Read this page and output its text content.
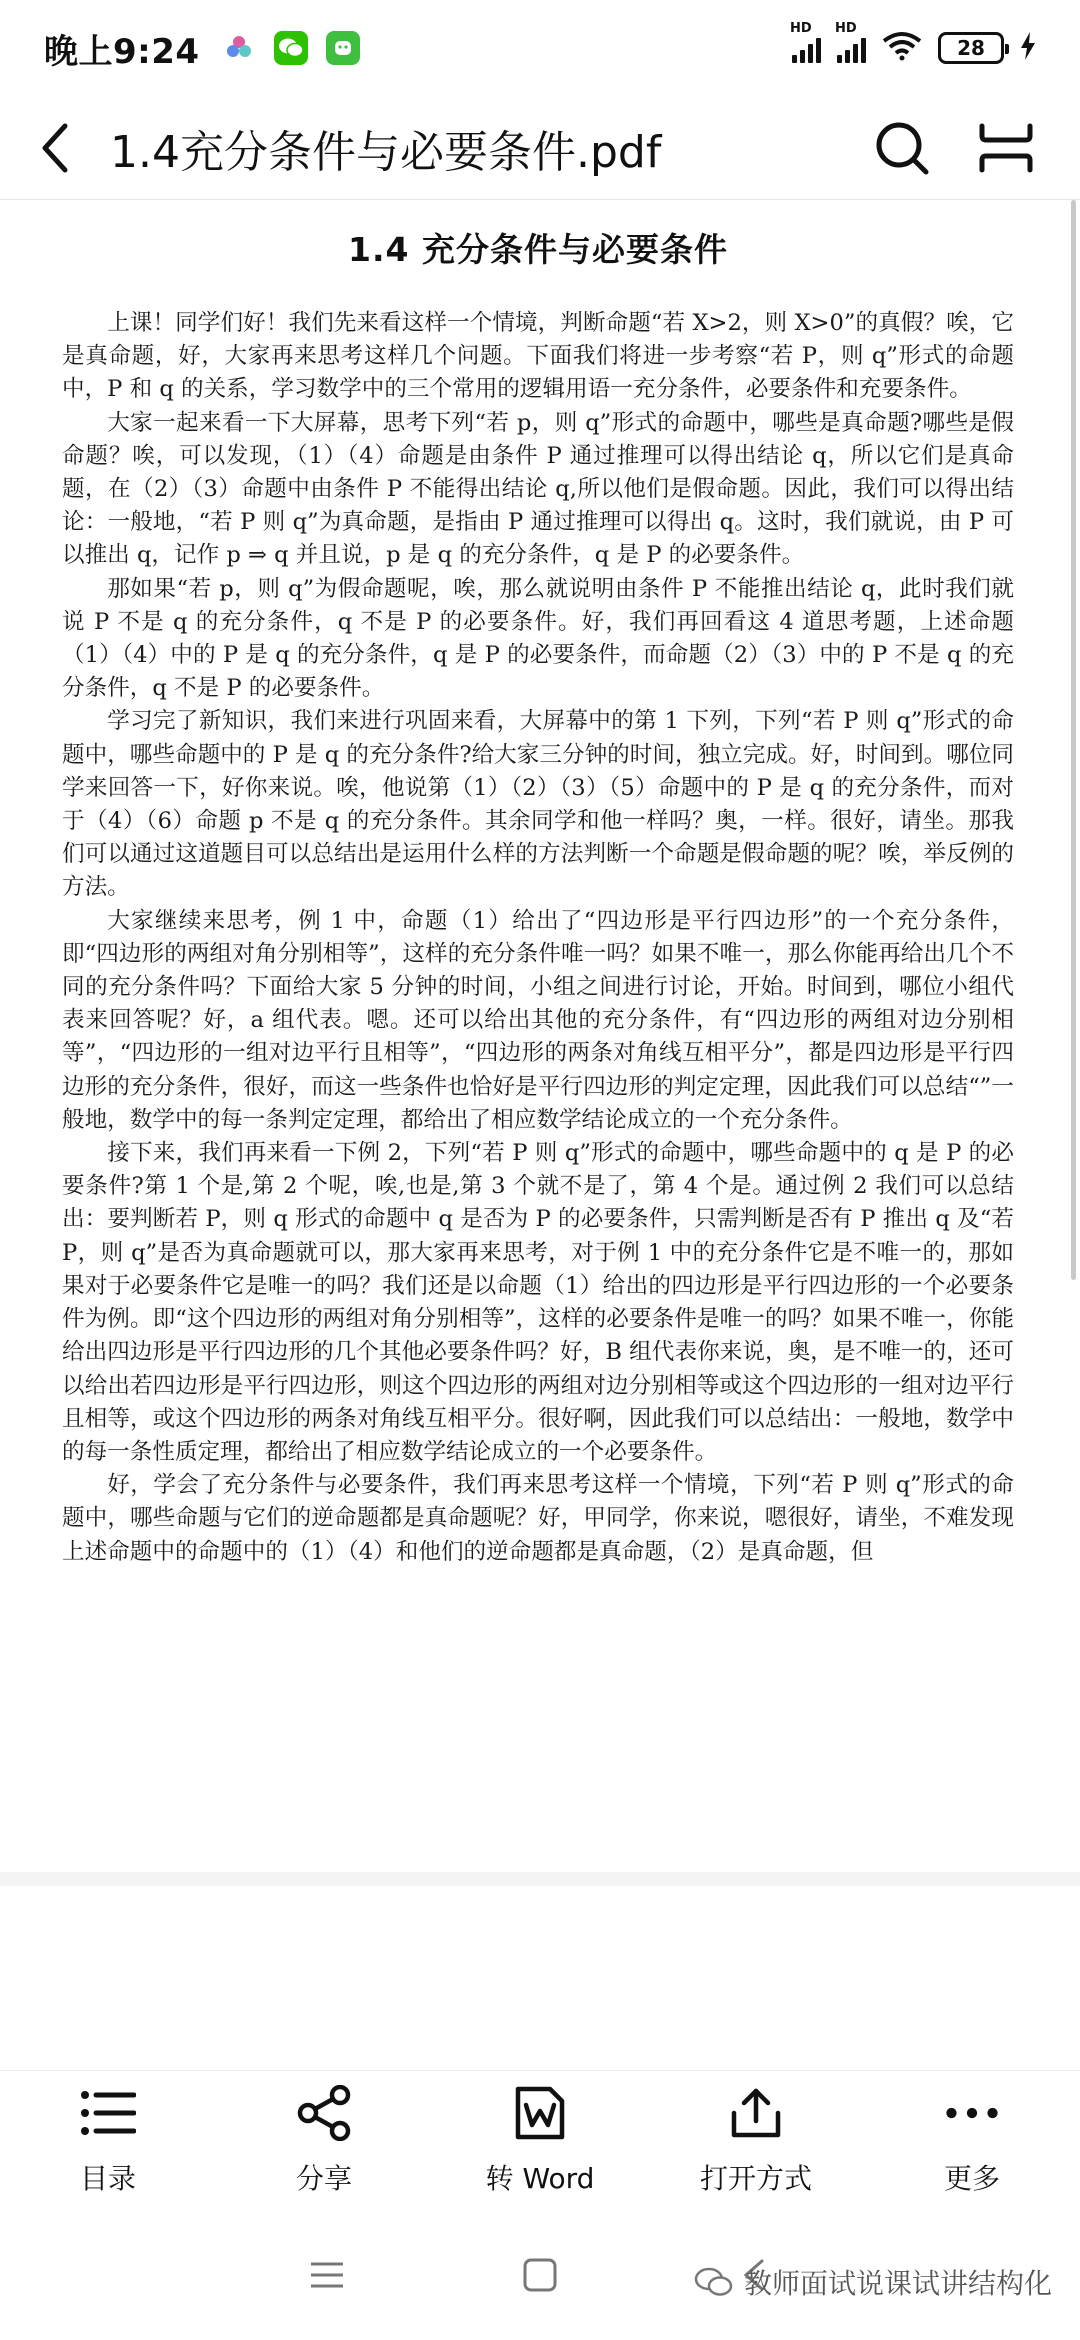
晚上9:24
HD HD
28
1.4充分条件与必要条件.pdf
1.4 充分条件与必要条件

上课！同学们好！我们先来看这样一个情境，判断命题“若 X>2，则 X>0”的真假？唉，它是真命题，好，大家再来思考这样几个问题。下面我们将进一步考察“若 P，则 q”形式的命题中，P 和 q 的关系，学习数学中的三个常用的逻辑用语一充分条件，必要条件和充要条件。

大家一起来看一下大屏幕，思考下列“若 p，则 q”形式的命题中，哪些是真命题?哪些是假命题？唉，可以发现，（1）（4）命题是由条件 P 通过推理可以得出结论 q，所以它们是真命题，在（2）（3）命题中由条件 P 不能得出结论 q,所以他们是假命题。因此，我们可以得出结论：一般地，“若 P 则 q”为真命题，是指由 P 通过推理可以得出 q。这时，我们就说，由 P 可以推出 q，记作 p ⇒ q 并且说，p 是 q 的充分条件，q 是 P 的必要条件。

那如果“若 p，则 q”为假命题呢，唉，那么就说明由条件 P 不能推出结论 q，此时我们就说 P 不是 q 的充分条件，q 不是 P 的必要条件。好，我们再回看这 4 道思考题，上述命题（1）（4）中的 P 是 q 的充分条件，q 是 P 的必要条件，而命题（2）（3）中的 P 不是 q 的充分条件，q 不是 P 的必要条件。

学习完了新知识，我们来进行巩固来看，大屏幕中的第 1 下列，下列“若 P 则 q”形式的命题中，哪些命题中的 P 是 q 的充分条件?给大家三分钟的时间，独立完成。好，时间到。哪位同学来回答一下，好你来说。唉，他说第（1）（2）（3）（5）命题中的 P 是 q 的充分条件，而对于（4）（6）命题 p 不是 q 的充分条件。其余同学和他一样吗？奥，一样。很好，请坐。那我们可以通过这道题目可以总结出是运用什么样的方法判断一个命题是假命题的呢？唉，举反例的方法。

大家继续来思考，例 1 中，命题（1）给出了“四边形是平行四边形”的一个充分条件，即“四边形的两组对角分别相等”，这样的充分条件唯一吗？如果不唯一，那么你能再给出几个不同的充分条件吗？下面给大家 5 分钟的时间，小组之间进行讨论，开始。时间到，哪位小组代表来回答呢？好，a 组代表。嗯。还可以给出其他的充分条件，有“四边形的两组对边分别相等”，“四边形的一组对边平行且相等”，“四边形的两条对角线互相平分”，都是四边形是平行四边形的充分条件，很好，而这一些条件也恰好是平行四边形的判定定理，因此我们可以总结“”一般地，数学中的每一条判定定理，都给出了相应数学结论成立的一个充分条件。

接下来，我们再来看一下例 2，下列“若 P 则 q”形式的命题中，哪些命题中的 q 是 P 的必要条件?第 1 个是,第 2 个呢，唉,也是,第 3 个就不是了，第 4 个是。通过例 2 我们可以总结出：要判断若 P，则 q 形式的命题中 q 是否为 P 的必要条件，只需判断是否有 P 推出 q 及“若 P，则 q”是否为真命题就可以，那大家再来思考，对于例 1 中的充分条件它是不唯一的，那如果对于必要条件它是唯一的吗？我们还是以命题（1）给出的四边形是平行四边形的一个必要条件为例。即“这个四边形的两组对角分别相等”，这样的必要条件是唯一的吗？如果不唯一，你能给出四边形是平行四边形的几个其他必要条件吗？好，B 组代表你来说，奥，是不唯一的，还可以给出若四边形是平行四边形，则这个四边形的两组对边分别相等或这个四边形的一组对边平行且相等，或这个四边形的两条对角线互相平分。很好啊，因此我们可以总结出：一般地，数学中的每一条性质定理，都给出了相应数学结论成立的一个必要条件。

好，学会了充分条件与必要条件，我们再来思考这样一个情境，下列“若 P 则 q”形式的命题中，哪些命题与它们的逆命题都是真命题呢？好，甲同学，你来说，嗯很好，请坐，不难发现上述命题中的命题中的（1）（4）和他们的逆命题都是真命题，（2）是真命题，但

目录	分享	转 Word	打开方式	更多
教师面试说课试讲结构化
